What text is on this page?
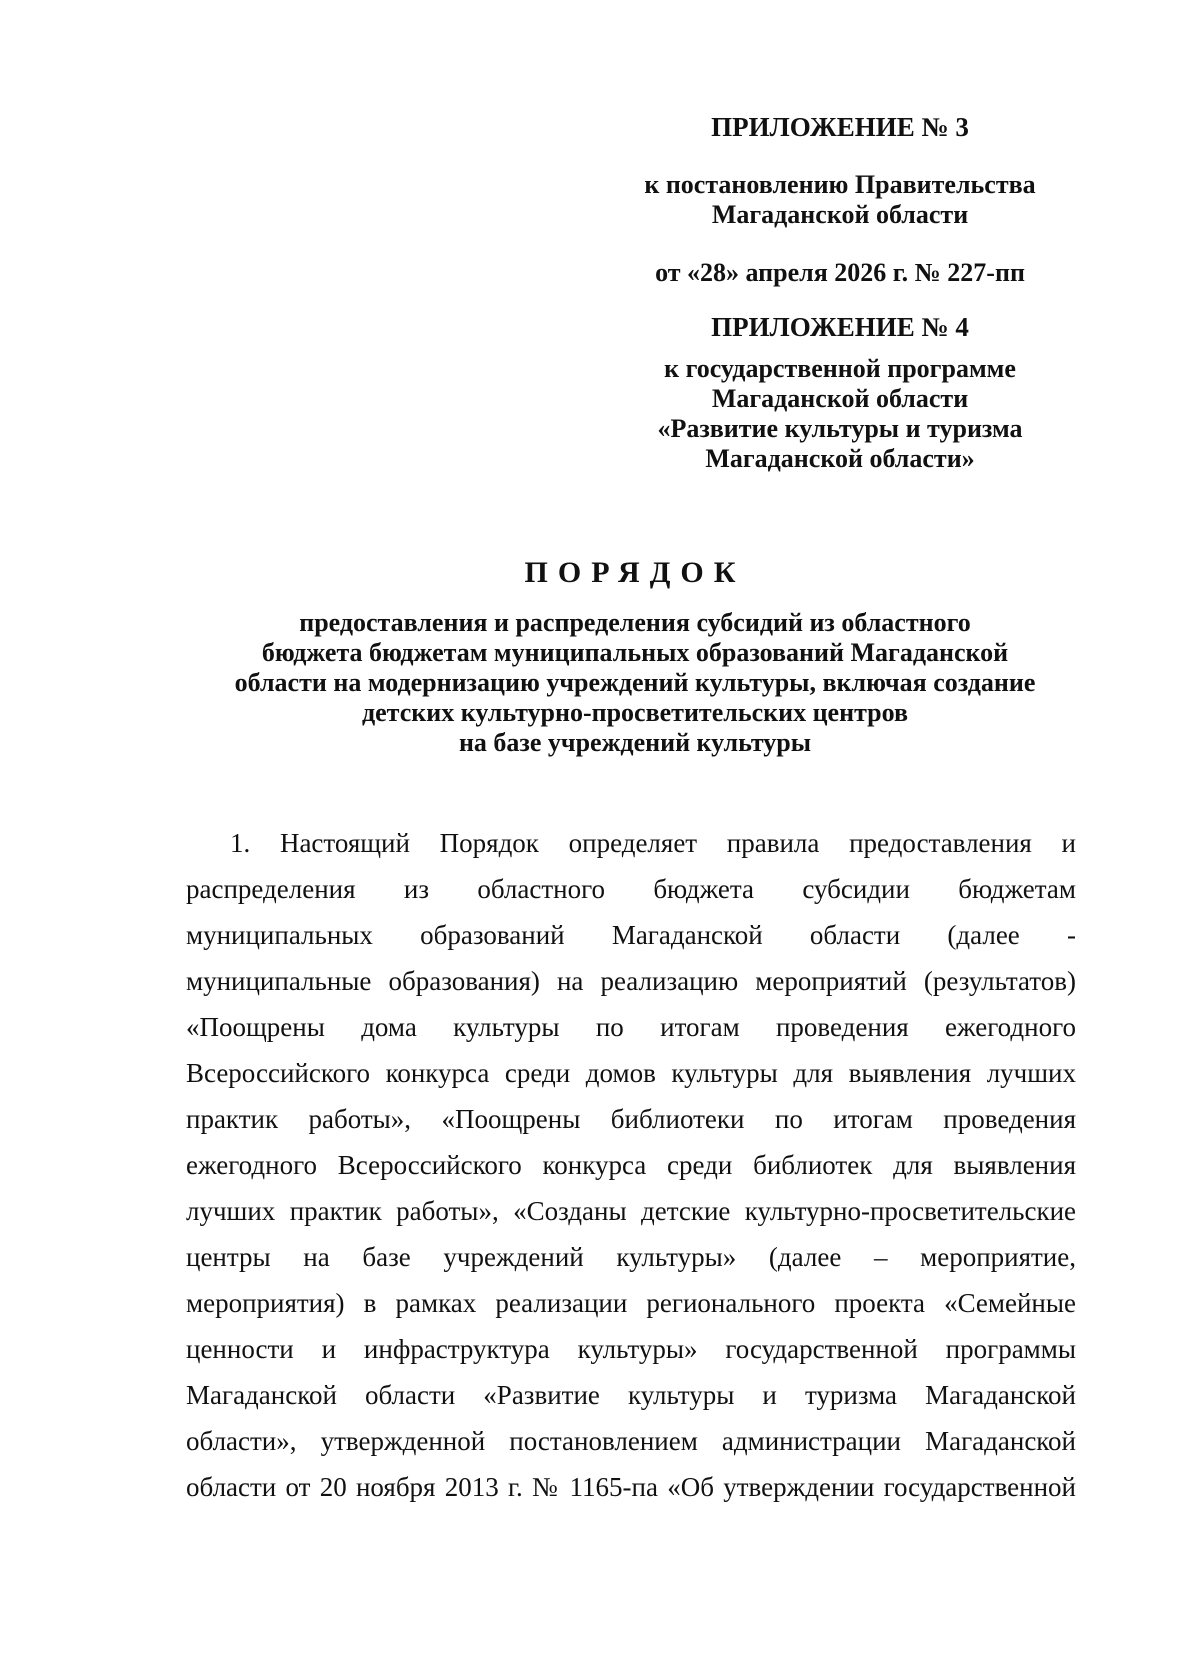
ПРИЛОЖЕНИЕ № 3
к постановлению Правительства
Магаданской области
от «28» апреля 2026 г. № 227-пп
ПРИЛОЖЕНИЕ № 4
к государственной программе
Магаданской области
«Развитие культуры и туризма
Магаданской области»
ПОРЯДОК
предоставления и распределения субсидий из областного
бюджета бюджетам муниципальных образований Магаданской
области на модернизацию учреждений культуры, включая создание
детских культурно-просветительских центров
на базе учреждений культуры
1. Настоящий Порядок определяет правила предоставления и
распределения из областного бюджета субсидии бюджетам
муниципальных образований Магаданской области (далее -
муниципальные образования) на реализацию мероприятий (результатов)
«Поощрены дома культуры по итогам проведения ежегодного
Всероссийского конкурса среди домов культуры для выявления лучших
практик работы», «Поощрены библиотеки по итогам проведения
ежегодного Всероссийского конкурса среди библиотек для выявления
лучших практик работы», «Созданы детские культурно-просветительские
центры на базе учреждений культуры» (далее – мероприятие,
мероприятия) в рамках реализации регионального проекта «Семейные
ценности и инфраструктура культуры» государственной программы
Магаданской области «Развитие культуры и туризма Магаданской
области», утвержденной постановлением администрации Магаданской
области от 20 ноября 2013 г. № 1165-па «Об утверждении государственной
